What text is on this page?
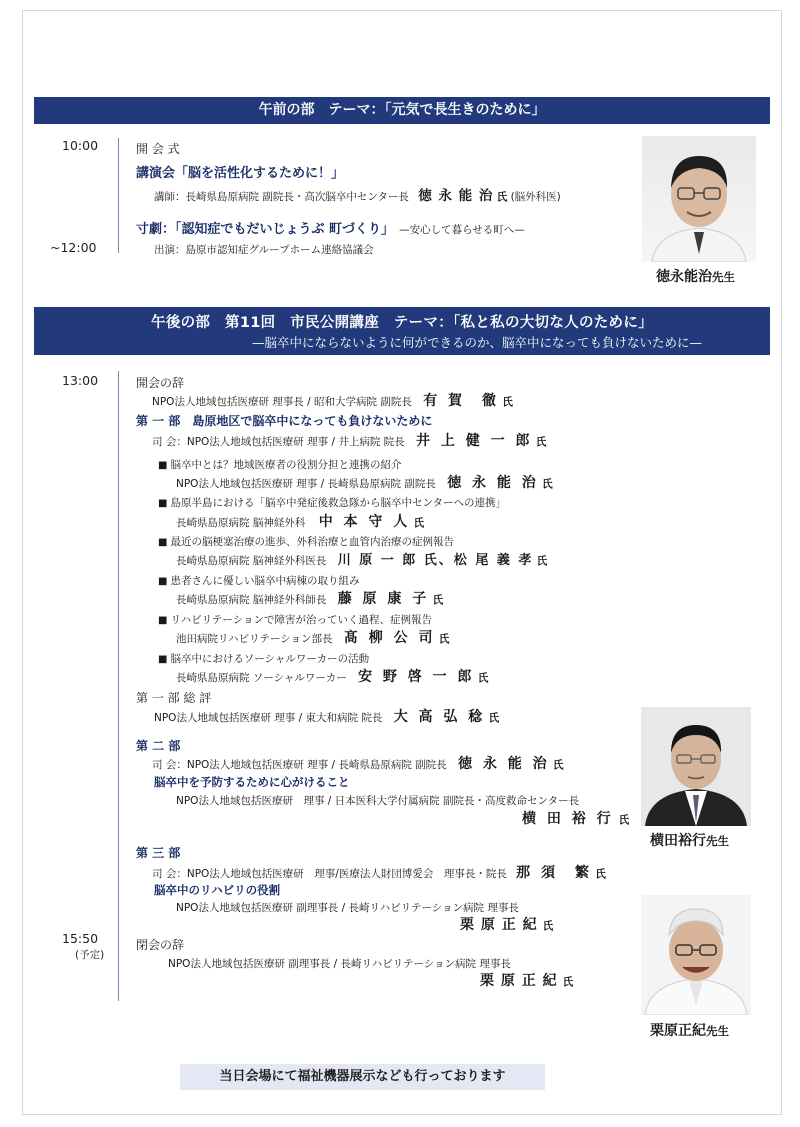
午前の部　テーマ：「元気で長生きのために」
10:00
~12:00
開 会 式
講演会「脳を活性化するために！」
講師：長崎県島原病院 副院長・高次脳卒中センター長 徳 永 能 治 氏 (脳外科医)
寸劇：「認知症でもだいじょうぶ 町づくり」 —安心して暮らせる町へ—
出演：島原市認知症グループホーム連絡協議会
徳永能治先生
午後の部　第11回　市民公開講座　テーマ：「私と私の大切な人のために」
—脳卒中にならないように何ができるのか、脳卒中になっても負けないために—
13:00	開会の辞
NPO法人地域包括医療研 理事長 / 昭和大学病院 副院長 有 賀　徹 氏
第 一 部　島原地区で脳卒中になっても負けないために
司 会：NPO法人地域包括医療研 理事 / 井上病院 院長 井 上 健 一 郎 氏
■ 脳卒中とは？地域医療者の役割分担と連携の紹介
NPO法人地域包括医療研 理事 / 長崎県島原病院 副院長 徳 永 能 治 氏
■ 島原半島における「脳卒中発症後救急隊から脳卒中センターへの連携」
長崎県島原病院 脳神経外科 中 本 守 人 氏
■ 最近の脳梗塞治療の進歩、外科治療と血管内治療の症例報告
長崎県島原病院 脳神経外科医長 川 原 一 郎 氏、松 尾 義 孝 氏
■ 患者さんに優しい脳卒中病棟の取り組み
長崎県島原病院 脳神経外科師長 藤 原 康 子 氏
■ リハビリテーションで障害が治っていく過程、症例報告
池田病院リハビリテーション部長 髙 柳 公 司 氏
■ 脳卒中におけるソーシャルワーカーの活動
長崎県島原病院 ソーシャルワーカー 安 野 啓 一 郎 氏
第 一 部 総 評
NPO法人地域包括医療研 理事 / 東大和病院 院長 大 高 弘 稔 氏
第 二 部
司 会：NPO法人地域包括医療研 理事 / 長崎県島原病院 副院長 徳 永 能 治 氏
脳卒中を予防するために心がけること
NPO法人地域包括医療研　理事 / 日本医科大学付属病院 副院長・高度救命センター長
横 田 裕 行 氏
第 三 部
司 会：NPO法人地域包括医療研　理事/医療法人財団博愛会　理事長・院長 那 須　繁 氏
脳卒中のリハビリの役割
NPO法人地域包括医療研 副理事長 / 長崎リハビリテーション病院 理事長
栗 原 正 紀 氏
15:50
(予定)
閉会の辞
NPO法人地域包括医療研 副理事長 / 長崎リハビリテーション病院 理事長
栗 原 正 紀 氏
横田裕行先生
栗原正紀先生
当日会場にて福祉機器展示なども行っております
